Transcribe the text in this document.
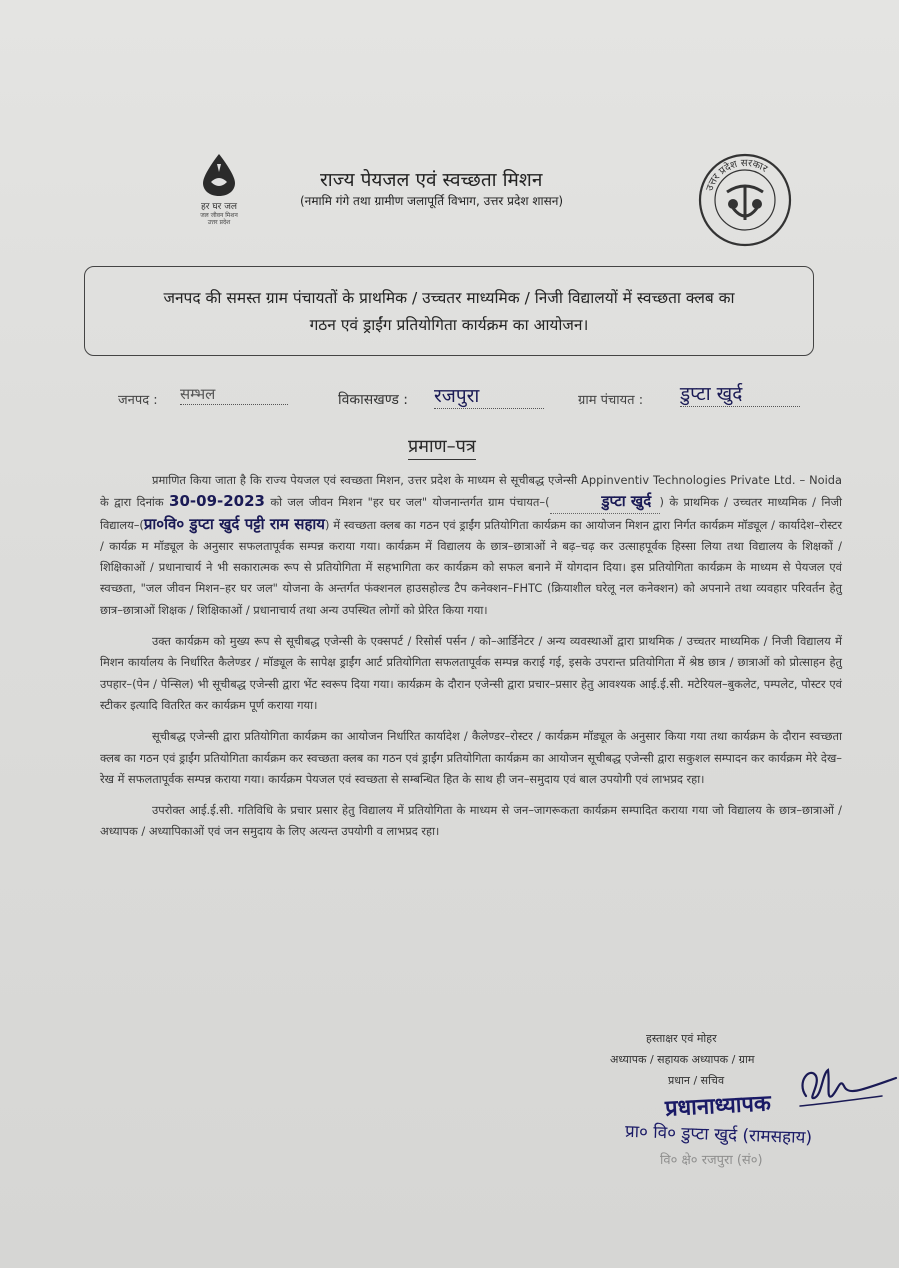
हर घर जल
जल जीवन मिशन
उत्तर प्रदेश
राज्य पेयजल एवं स्वच्छता मिशन
(नमामि गंगे तथा ग्रामीण जलापूर्ति विभाग, उत्तर प्रदेश शासन)
उत्तर प्रदेश सरकार
जनपद की समस्त ग्राम पंचायतों के प्राथमिक / उच्चतर माध्यमिक / निजी विद्यालयों में स्वच्छता क्लब का
गठन एवं ड्राईंग प्रतियोगिता कार्यक्रम का आयोजन।
जनपद : सम्भल	विकासखण्ड : रजपुरा	ग्राम पंचायत : डुप्टा खुर्द
प्रमाण–पत्र

प्रमाणित किया जाता है कि राज्य पेयजल एवं स्वच्छता मिशन, उत्तर प्रदेश के माध्यम से सूचीबद्ध एजेन्सी Appinventiv Technologies Private Ltd. – Noida के द्वारा दिनांक 30-09-2023 को जल जीवन मिशन "हर घर जल" योजनान्तर्गत ग्राम पंचायत–(	डुप्टा खुर्द ) के प्राथमिक / उच्चतर माध्यमिक / निजी विद्यालय–(प्रा०वि० डुप्टा खुर्द पट्टी राम सहाय) में स्वच्छता क्लब का गठन एवं ड्राईंग प्रतियोगिता कार्यक्रम का आयोजन मिशन द्वारा निर्गत कार्यक्रम मॉड्यूल / कार्यादेश–रोस्टर / कार्यक्र म मॉड्यूल के अनुसार सफलतापूर्वक सम्पन्न कराया गया। कार्यक्रम में विद्यालय के छात्र–छात्राओं ने बढ़–चढ़ कर उत्साहपूर्वक हिस्सा लिया तथा विद्यालय के शिक्षकों / शिक्षिकाओं / प्रधानाचार्य ने भी सकारात्मक रूप से प्रतियोगिता में सहभागिता कर कार्यक्रम को सफल बनाने में योगदान दिया। इस प्रतियोगिता कार्यक्रम के माध्यम से पेयजल एवं स्वच्छता, "जल जीवन मिशन–हर घर जल" योजना के अन्तर्गत फंक्शनल हाउसहोल्ड टैप कनेक्शन–FHTC (क्रियाशील घरेलू नल कनेक्शन) को अपनाने तथा व्यवहार परिवर्तन हेतु छात्र–छात्राओं शिक्षक / शिक्षिकाओं / प्रधानाचार्य तथा अन्य उपस्थित लोगों को प्रेरित किया गया।

उक्त कार्यक्रम को मुख्य रूप से सूचीबद्ध एजेन्सी के एक्सपर्ट / रिसोर्स पर्सन / को–आर्डिनेटर / अन्य व्यवस्थाओं द्वारा प्राथमिक / उच्चतर माध्यमिक / निजी विद्यालय में मिशन कार्यालय के निर्धारित कैलेण्डर / मॉड्यूल के सापेक्ष ड्राईंग आर्ट प्रतियोगिता सफलतापूर्वक सम्पन्न कराई गई, इसके उपरान्त प्रतियोगिता में श्रेष्ठ छात्र / छात्राओं को प्रोत्साहन हेतु उपहार–(पेन / पेन्सिल) भी सूचीबद्ध एजेन्सी द्वारा भेंट स्वरूप दिया गया। कार्यक्रम के दौरान एजेन्सी द्वारा प्रचार–प्रसार हेतु आवश्यक आई.ई.सी. मटेरियल–बुकलेट, पम्पलेट, पोस्टर एवं स्टीकर इत्यादि वितरित कर कार्यक्रम पूर्ण कराया गया।

सूचीबद्ध एजेन्सी द्वारा प्रतियोगिता कार्यक्रम का आयोजन निर्धारित कार्यादेश / कैलेण्डर–रोस्टर / कार्यक्रम मॉड्यूल के अनुसार किया गया तथा कार्यक्रम के दौरान स्वच्छता क्लब का गठन एवं ड्राईंग प्रतियोगिता कार्यक्रम कर स्वच्छता क्लब का गठन एवं ड्राईंग प्रतियोगिता कार्यक्रम का आयोजन सूचीबद्ध एजेन्सी द्वारा सकुशल सम्पादन कर कार्यक्रम मेरे देख–रेख में सफलतापूर्वक सम्पन्न कराया गया। कार्यक्रम पेयजल एवं स्वच्छता से सम्बन्धित हित के साथ ही जन–समुदाय एवं बाल उपयोगी एवं लाभप्रद रहा।

उपरोक्त आई.ई.सी. गतिविधि के प्रचार प्रसार हेतु विद्यालय में प्रतियोगिता के माध्यम से जन–जागरूकता कार्यक्रम सम्पादित कराया गया जो विद्यालय के छात्र–छात्राओं / अध्यापक / अध्यापिकाओं एवं जन समुदाय के लिए अत्यन्त उपयोगी व लाभप्रद रहा।

हस्ताक्षर एवं मोहर
अध्यापक / सहायक अध्यापक / ग्राम
प्रधान / सचिव
प्रधानाध्यापक
प्रा० वि० डुप्टा खुर्द (रामसहाय)
वि० क्षे० रजपुरा (सं०)
